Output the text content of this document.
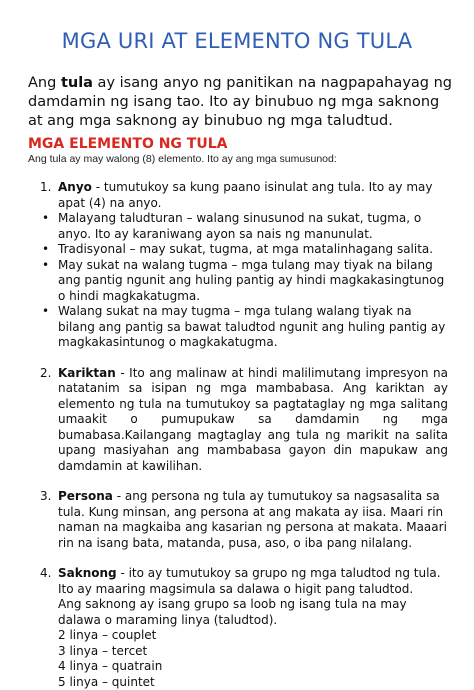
MGA URI AT ELEMENTO NG TULA
Ang tula ay isang anyo ng panitikan na nagpapahayag ng damdamin ng isang tao. Ito ay binubuo ng mga saknong at ang mga saknong ay binubuo ng mga taludtud.
MGA ELEMENTO NG TULA
Ang tula ay may walong (8) elemento. Ito ay ang mga sumusunod:
1. Anyo - tumutukoy sa kung paano isinulat ang tula. Ito ay may apat (4) na anyo.
• Malayang taludturan – walang sinusunod na sukat, tugma, o anyo. Ito ay karaniwang ayon sa nais ng manunulat.
• Tradisyonal – may sukat, tugma, at mga matalinhagang salita.
• May sukat na walang tugma – mga tulang may tiyak na bilang ang pantig ngunit ang huling pantig ay hindi magkakasingtunog o hindi magkakatugma.
• Walang sukat na may tugma – mga tulang walang tiyak na bilang ang pantig sa bawat taludtod ngunit ang huling pantig ay magkakasintunog o magkakatugma.
2. Kariktan - Ito ang malinaw at hindi malilimutang impresyon na natatanim sa isipan ng mga mambabasa. Ang kariktan ay elemento ng tula na tumutukoy sa pagtataglay ng mga salitang umaakit o pumupukaw sa damdamin ng mga bumabasa.Kailangang magtaglay ang tula ng marikit na salita upang masiyahan ang mambabasa gayon din mapukaw ang damdamin at kawilihan.
3. Persona - ang persona ng tula ay tumutukoy sa nagsasalita sa tula. Kung minsan, ang persona at ang makata ay iisa. Maari rin naman na magkaiba ang kasarian ng persona at makata. Maaari rin na isang bata, matanda, pusa, aso, o iba pang nilalang.
4. Saknong - ito ay tumutukoy sa grupo ng mga taludtod ng tula. Ito ay maaring magsimula sa dalawa o higit pang taludtod.
Ang saknong ay isang grupo sa loob ng isang tula na may dalawa o maraming linya (taludtod).
2 linya – couplet
3 linya – tercet
4 linya – quatrain
5 linya – quintet
